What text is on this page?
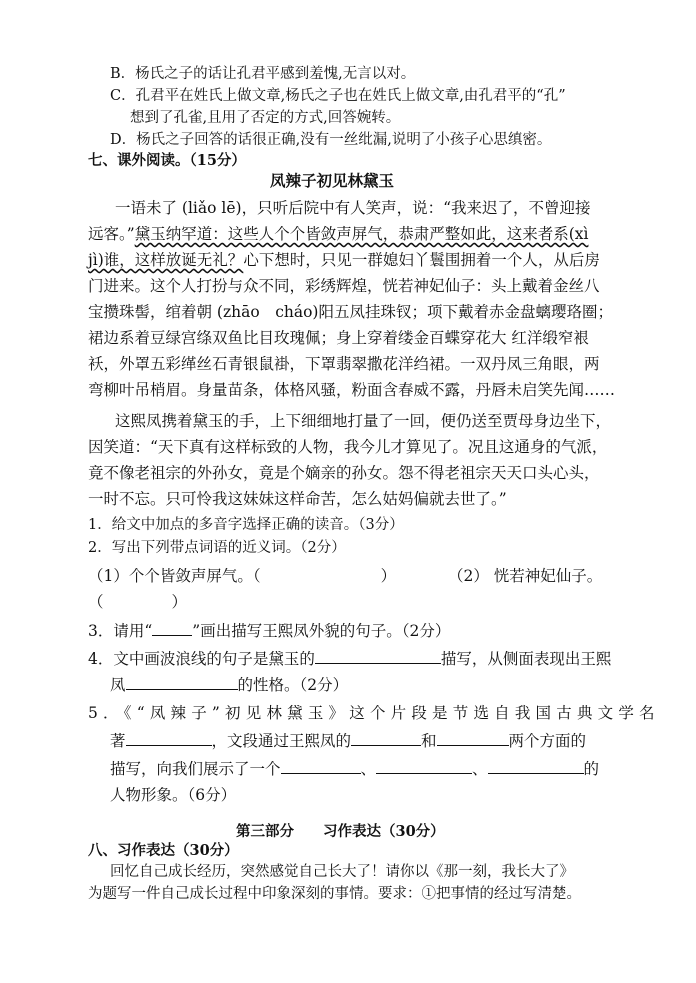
B．杨氏之子的话让孔君平感到羞愧,无言以对。
C．孔君平在姓氏上做文章,杨氏之子也在姓氏上做文章,由孔君平的“孔”
想到了孔雀,且用了否定的方式,回答婉转。
D．杨氏之子回答的话很正确,没有一丝纰漏,说明了小孩子心思缜密。
七、课外阅读。（15分）
凤辣子初见林黛玉
一语未了 (liǎo lē)，只听后院中有人笑声，说：“我来迟了，不曾迎接
远客。”黛玉纳罕道：这些人个个皆敛声屏气，恭肃严整如此，这来者系(xì
jì)谁，这样放诞无礼？心下想时，只见一群媳妇丫鬟围拥着一个人，从后房
门进来。这个人打扮与众不同，彩绣辉煌，恍若神妃仙子：头上戴着金丝八
宝攒珠髻，绾着朝 (zhāo　cháo)阳五凤挂珠钗；项下戴着赤金盘螭璎珞圈；
裙边系着豆绿宫绦双鱼比目玫瑰佩；身上穿着缕金百蝶穿花大 红洋缎窄裉
袄，外罩五彩缂丝石青银鼠褂，下罩翡翠撒花洋绉裙。一双丹凤三角眼，两
弯柳叶吊梢眉。身量苗条，体格风骚，粉面含春威不露，丹唇未启笑先闻……
这熙凤携着黛玉的手，上下细细地打量了一回，便仍送至贾母身边坐下，
因笑道：“天下真有这样标致的人物，我今儿才算见了。况且这通身的气派，
竟不像老祖宗的外孙女，竟是个嫡亲的孙女。怨不得老祖宗天天口头心头，
一时不忘。只可怜我这妹妹这样命苦，怎么姑妈偏就去世了。”
1．给文中加点的多音字选择正确的读音。（3分）
2．写出下列带点词语的近义词。（2分）
（1）个个皆敛声屏气。（	）	（2） 恍若神妃仙子。
（	）
3．请用“	”画出描写王熙凤外貌的句子。（2分）
4．文中画波浪线的句子是黛玉的	描写，从侧面表现出王熙
凤	的性格。（2分）
5．《“凤辣子”初见林黛玉》这个片段是节选自我国古典文学名
著	，文段通过王熙凤的	和	两个方面的
描写，向我们展示了一个	、	、	的
人物形象。（6分）
第三部分　　习作表达（30分）
八、习作表达（30分）
回忆自己成长经历，突然感觉自己长大了！请你以《那一刻，我长大了》
为题写一件自己成长过程中印象深刻的事情。要求：①把事情的经过写清楚。
